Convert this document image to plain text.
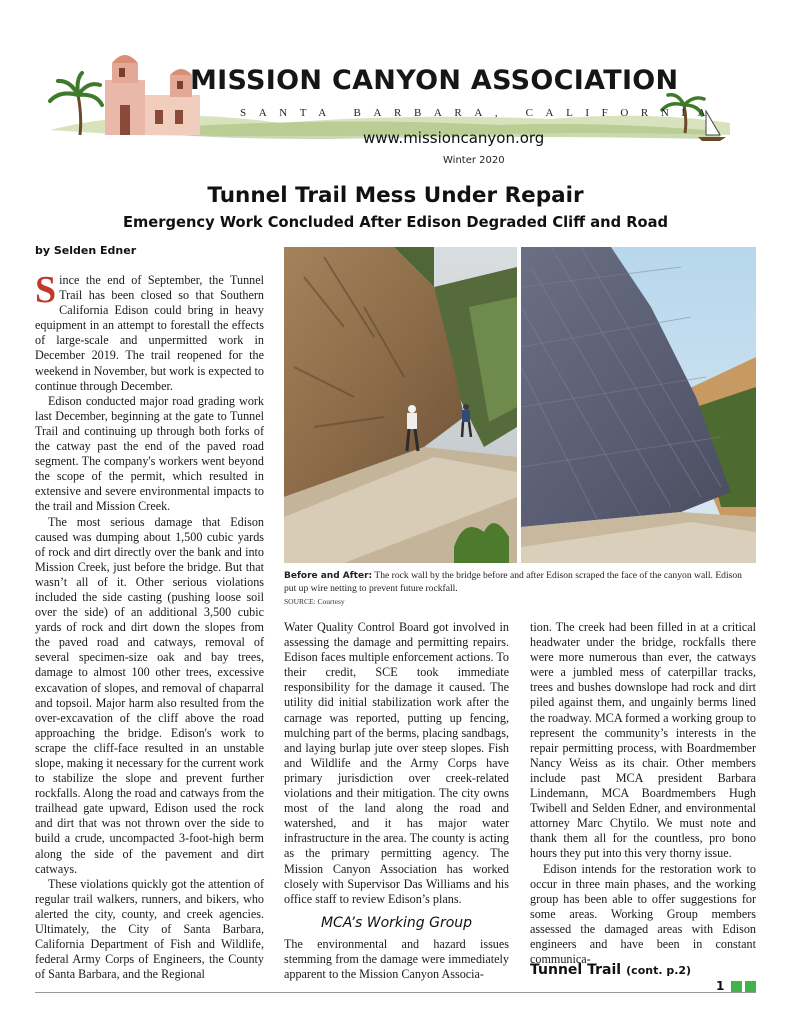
MISSION CANYON ASSOCIATION
SANTA BARBARA, CALIFORNIA
www.missioncanyon.org
Winter 2020
Tunnel Trail Mess Under Repair
Emergency Work Concluded After Edison Degraded Cliff and Road
by Selden Edner

Since the end of September, the Tunnel Trail has been closed so that Southern California Edison could bring in heavy equipment in an attempt to forestall the effects of large-scale and unpermitted work in December 2019. The trail reopened for the weekend in November, but work is expected to continue through December.

Edison conducted major road grading work last December, beginning at the gate to Tunnel Trail and continuing up through both forks of the catway past the end of the paved road segment. The company's workers went beyond the scope of the permit, which resulted in extensive and severe environmental impacts to the trail and Mission Creek.

The most serious damage that Edison caused was dumping about 1,500 cubic yards of rock and dirt directly over the bank and into Mission Creek, just before the bridge. But that wasn’t all of it. Other serious violations included the side casting (pushing loose soil over the side) of an additional 3,500 cubic yards of rock and dirt down the slopes from the paved road and catways, removal of several specimen-size oak and bay trees, damage to almost 100 other trees, excessive excavation of slopes, and removal of chaparral and topsoil. Major harm also resulted from the over-excavation of the cliff above the road approaching the bridge. Edison's work to scrape the cliff-face resulted in an unstable slope, making it necessary for the current work to stabilize the slope and prevent further rockfalls. Along the road and catways from the trailhead gate upward, Edison used the rock and dirt that was not thrown over the side to build a crude, uncompacted 3-foot-high berm along the side of the pavement and dirt catways.

These violations quickly got the attention of regular trail walkers, runners, and bikers, who alerted the city, county, and creek agencies. Ultimately, the City of Santa Barbara, California Department of Fish and Wildlife, federal Army Corps of Engineers, the County of Santa Barbara, and the Regional

Before and After: The rock wall by the bridge before and after Edison scraped the face of the canyon wall. Edison put up wire netting to prevent future rockfall.
SOURCE: Courtesy

Water Quality Control Board got involved in assessing the damage and permitting repairs. Edison faces multiple enforcement actions. To their credit, SCE took immediate responsibility for the damage it caused. The utility did initial stabilization work after the carnage was reported, putting up fencing, mulching part of the berms, placing sandbags, and laying burlap jute over steep slopes. Fish and Wildlife and the Army Corps have primary jurisdiction over creek-related violations and their mitigation. The city owns most of the land along the road and watershed, and it has major water infrastructure in the area. The county is acting as the primary permitting agency. The Mission Canyon Association has worked closely with Supervisor Das Williams and his office staff to review Edison’s plans.

MCA’s Working Group

The environmental and hazard issues stemming from the damage were immediately apparent to the Mission Canyon Associa-

tion. The creek had been filled in at a critical headwater under the bridge, rockfalls there were more numerous than ever, the catways were a jumbled mess of caterpillar tracks, trees and bushes downslope had rock and dirt piled against them, and ungainly berms lined the roadway. MCA formed a working group to represent the community’s interests in the repair permitting process, with Boardmember Nancy Weiss as its chair. Other members include past MCA president Barbara Lindemann, MCA Boardmembers Hugh Twibell and Selden Edner, and environmental attorney Marc Chytilo. We must note and thank them all for the countless, pro bono hours they put into this very thorny issue.

Edison intends for the restoration work to occur in three main phases, and the working group has been able to offer suggestions for some areas. Working Group members assessed the damaged areas with Edison engineers and have been in constant communica-

Tunnel Trail (cont. p.2)
1
